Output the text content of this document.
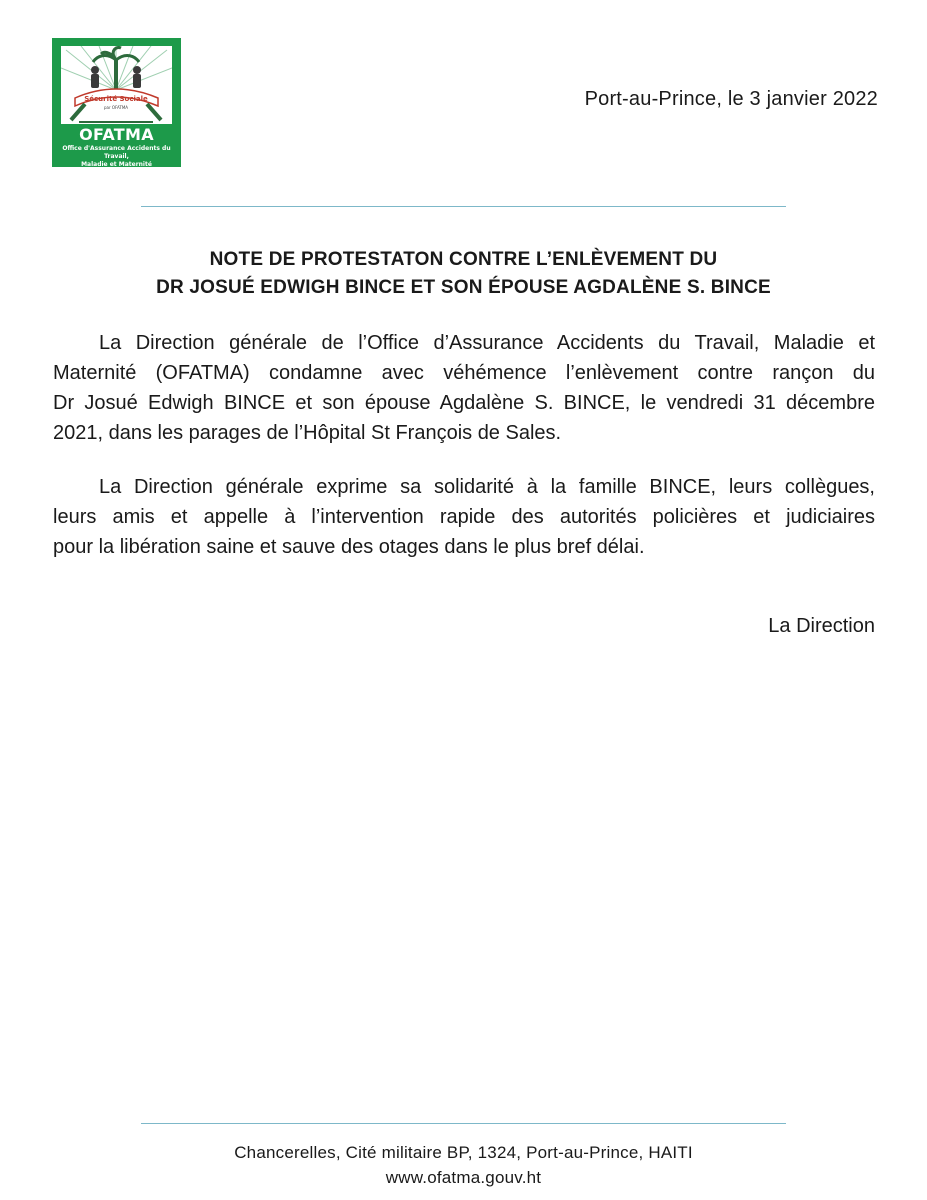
Sécurité Sociale
par OFATMA
OFATMA
Office d'Assurance Accidents du Travail,
Maladie et Maternité
Port-au-Prince, le 3 janvier 2022
NOTE DE PROTESTATON CONTRE L’ENLÈVEMENT DU
DR JOSUÉ EDWIGH BINCE ET SON ÉPOUSE AGDALÈNE S. BINCE
La Direction générale de l’Office d’Assurance Accidents du Travail, Maladie et
Maternité (OFATMA) condamne avec véhémence l’enlèvement contre rançon du
Dr Josué Edwigh BINCE et son épouse Agdalène S. BINCE, le vendredi 31 décembre
2021, dans les parages de l’Hôpital St François de Sales.
La Direction générale exprime sa solidarité à la famille BINCE, leurs collègues,
leurs amis et appelle à l’intervention rapide des autorités policières et judiciaires
pour la libération saine et sauve des otages dans le plus bref délai.
La Direction
Chancerelles, Cité militaire BP, 1324, Port-au-Prince, HAITI
www.ofatma.gouv.ht
